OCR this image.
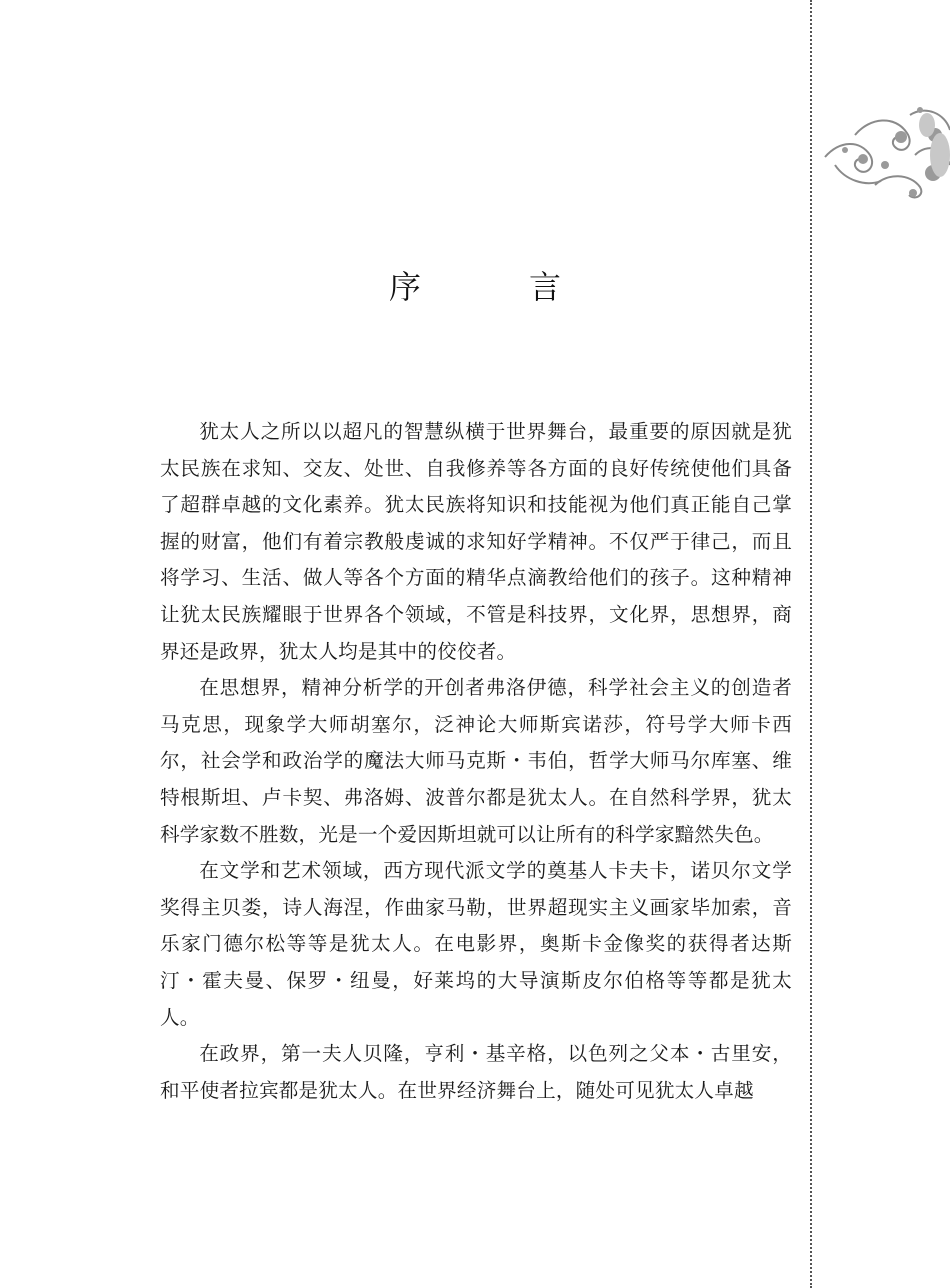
序　言

犹太人之所以以超凡的智慧纵横于世界舞台，最重要的原因就是犹太民族在求知、交友、处世、自我修养等各方面的良好传统使他们具备了超群卓越的文化素养。犹太民族将知识和技能视为他们真正能自己掌握的财富，他们有着宗教般虔诚的求知好学精神。不仅严于律己，而且将学习、生活、做人等各个方面的精华点滴教给他们的孩子。这种精神让犹太民族耀眼于世界各个领域，不管是科技界，文化界，思想界，商界还是政界，犹太人均是其中的佼佼者。

在思想界，精神分析学的开创者弗洛伊德，科学社会主义的创造者马克思，现象学大师胡塞尔，泛神论大师斯宾诺莎，符号学大师卡西尔，社会学和政治学的魔法大师马克斯・韦伯，哲学大师马尔库塞、维特根斯坦、卢卡契、弗洛姆、波普尔都是犹太人。在自然科学界，犹太科学家数不胜数，光是一个爱因斯坦就可以让所有的科学家黯然失色。

在文学和艺术领域，西方现代派文学的奠基人卡夫卡，诺贝尔文学奖得主贝娄，诗人海涅，作曲家马勒，世界超现实主义画家毕加索，音乐家门德尔松等等是犹太人。在电影界，奥斯卡金像奖的获得者达斯汀・霍夫曼、保罗・纽曼，好莱坞的大导演斯皮尔伯格等等都是犹太人。

在政界，第一夫人贝隆，亨利・基辛格，以色列之父本・古里安，和平使者拉宾都是犹太人。在世界经济舞台上，随处可见犹太人卓越
